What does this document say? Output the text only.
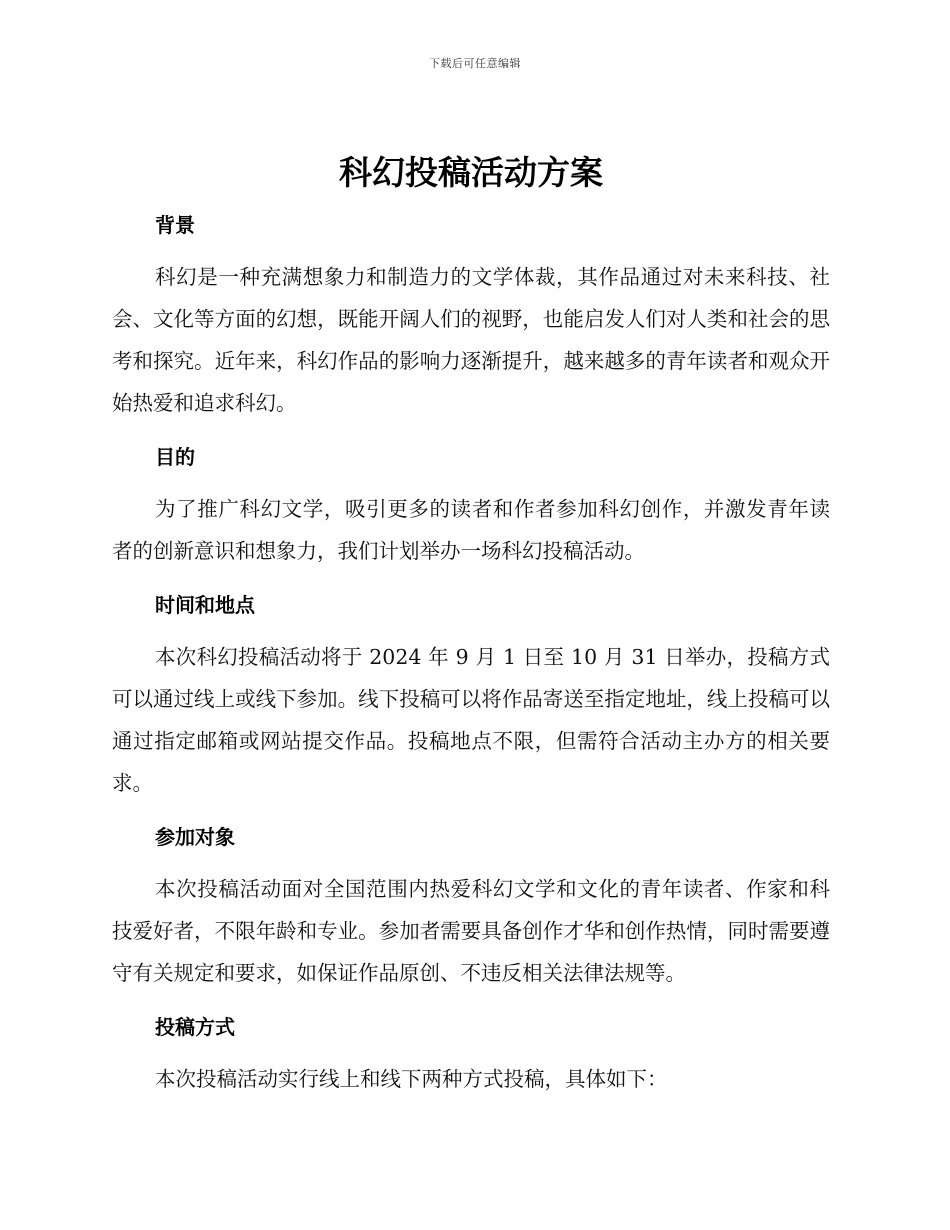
下载后可任意编辑
科幻投稿活动方案
背景

科幻是一种充满想象力和制造力的文学体裁，其作品通过对未来科技、社会、文化等方面的幻想，既能开阔人们的视野，也能启发人们对人类和社会的思考和探究。近年来，科幻作品的影响力逐渐提升，越来越多的青年读者和观众开始热爱和追求科幻。

目的

为了推广科幻文学，吸引更多的读者和作者参加科幻创作，并激发青年读者的创新意识和想象力，我们计划举办一场科幻投稿活动。

时间和地点

本次科幻投稿活动将于 2024 年 9 月 1 日至 10 月 31 日举办，投稿方式可以通过线上或线下参加。线下投稿可以将作品寄送至指定地址，线上投稿可以通过指定邮箱或网站提交作品。投稿地点不限，但需符合活动主办方的相关要求。

参加对象

本次投稿活动面对全国范围内热爱科幻文学和文化的青年读者、作家和科技爱好者，不限年龄和专业。参加者需要具备创作才华和创作热情，同时需要遵守有关规定和要求，如保证作品原创、不违反相关法律法规等。

投稿方式

本次投稿活动实行线上和线下两种方式投稿，具体如下：
